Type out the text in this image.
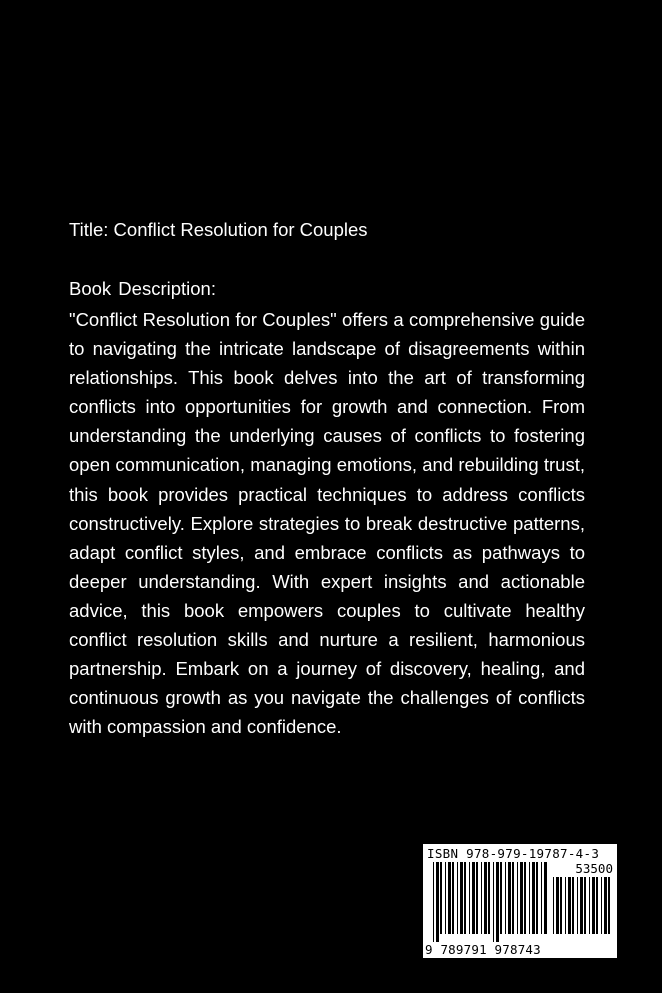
Title: Conflict Resolution for Couples
Book Description:
"Conflict Resolution for Couples" offers a comprehensive guide to navigating the intricate landscape of disagreements within relationships. This book delves into the art of transforming conflicts into opportunities for growth and connection. From understanding the underlying causes of conflicts to fostering open communication, managing emotions, and rebuilding trust, this book provides practical techniques to address conflicts constructively. Explore strategies to break destructive patterns, adapt conflict styles, and embrace conflicts as pathways to deeper understanding. With expert insights and actionable advice, this book empowers couples to cultivate healthy conflict resolution skills and nurture a resilient, harmonious partnership. Embark on a journey of discovery, healing, and continuous growth as you navigate the challenges of conflicts with compassion and confidence.
ISBN 978-979-19787-4-3
53500
9 789791 978743
